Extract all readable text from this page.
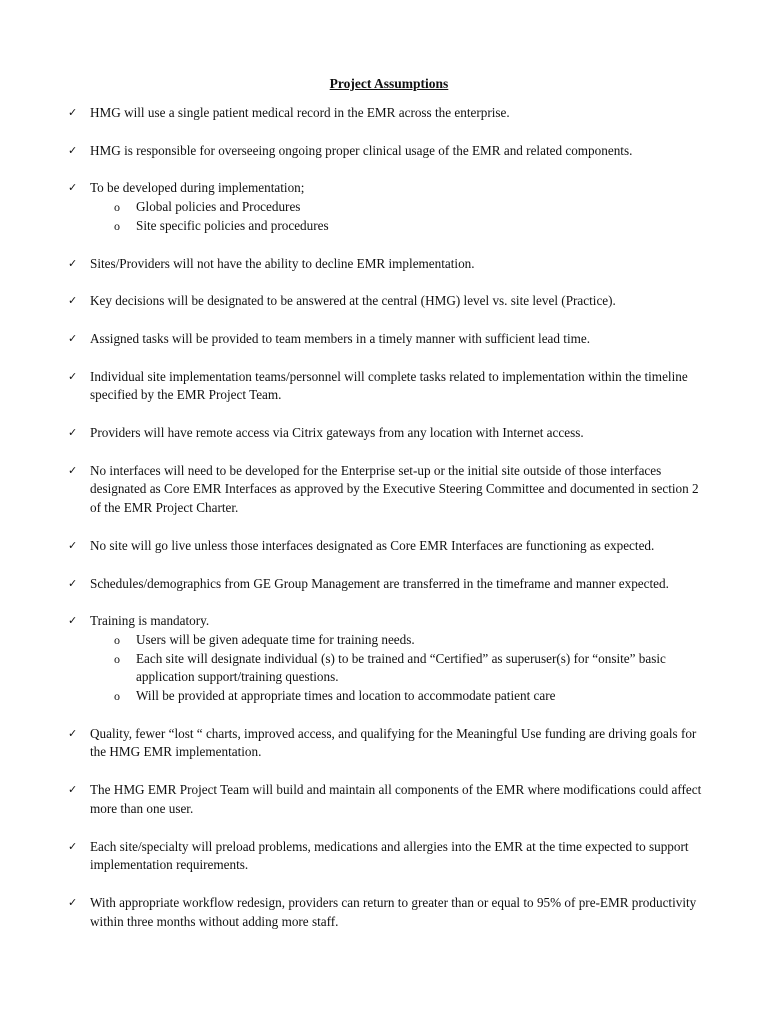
Project Assumptions
✓ HMG will use a single patient medical record in the EMR across the enterprise.
✓ HMG is responsible for overseeing ongoing proper clinical usage of the EMR and related components.
✓ To be developed during implementation;
o Global policies and Procedures
o Site specific policies and procedures
✓ Sites/Providers will not have the ability to decline EMR implementation.
✓ Key decisions will be designated to be answered at the central (HMG) level vs. site level (Practice).
✓ Assigned tasks will be provided to team members in a timely manner with sufficient lead time.
✓ Individual site implementation teams/personnel will complete tasks related to implementation within the timeline specified by the EMR Project Team.
✓ Providers will have remote access via Citrix gateways from any location with Internet access.
✓ No interfaces will need to be developed for the Enterprise set-up or the initial site outside of those interfaces designated as Core EMR Interfaces as approved by the Executive Steering Committee and documented in section 2 of the EMR Project Charter.
✓ No site will go live unless those interfaces designated as Core EMR Interfaces are functioning as expected.
✓ Schedules/demographics from GE Group Management are transferred in the timeframe and manner expected.
✓ Training is mandatory.
o Users will be given adequate time for training needs.
o Each site will designate individual (s) to be trained and “Certified” as superuser(s) for “onsite” basic application support/training questions.
o Will be provided at appropriate times and location to accommodate patient care
✓ Quality, fewer “lost “ charts, improved access, and qualifying for the Meaningful Use funding are driving goals for the HMG EMR implementation.
✓ The HMG EMR Project Team will build and maintain all components of the EMR where modifications could affect more than one user.
✓ Each site/specialty will preload problems, medications and allergies into the EMR at the time expected to support implementation requirements.
✓ With appropriate workflow redesign, providers can return to greater than or equal to 95% of pre-EMR productivity within three months without adding more staff.
